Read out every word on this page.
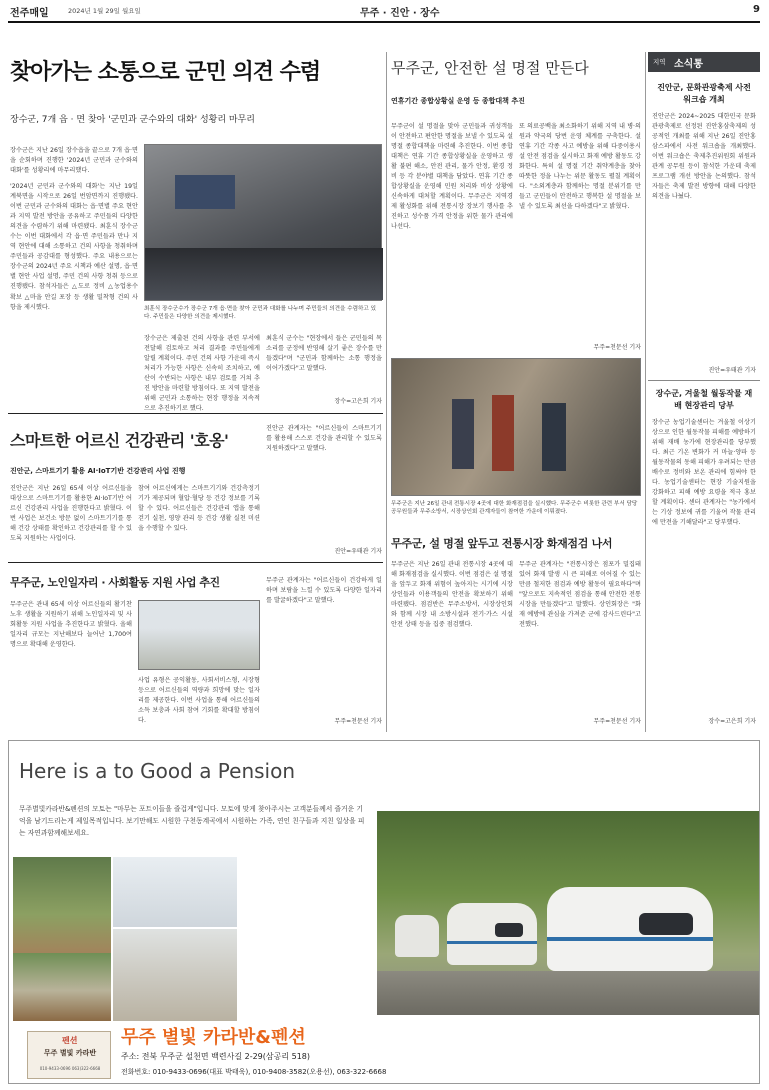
전주매일	2024년 1월 29일 월요일	무주 · 진안 · 장수	9
찾아가는 소통으로 군민 의견 수렴
장수군, 7개 읍 · 면 찾아 '군민과 군수와의 대화' 성황리 마무리
장수군은 지난 26일 장수읍을 끝으로 7개 읍·면을 순회하며 진행한 '2024년 군민과 군수와의 대화'를 성황리에 마무리했다.
'2024년 군민과 군수와의 대화'는 지난 19일 계북면을 시작으로 26일 번암면까지 진행됐다. 이번 군민과 군수와의 대화는 읍·면별 주요 현안과 지역 발전 방안을 공유하고 주민들의 다양한 의견을 수렴하기 위해 마련됐다. 최훈식 장수군수는 이번 대화에서 각 읍·면 주민들과 만나 지역 현안에 대해 소통하고 건의 사항을 청취하며 주민들과 공감대를 형성했다. 주요 내용으로는 장수군의 2024년 주요 시책과 예산 설명, 읍·면별 현안 사업 설명, 주민 건의 사항 청취 등으로 진행됐다. 참석자들은 △도로 정비 △농업용수 확보 △마을 안길 포장 등 생활 밀착형 건의 사항을 제시했다.	최훈식 장수군수가 장수군 7개 읍·면을 찾아 군민과 대화를 나누며 주민들의 의견을 수렴하고 있다. 주민들은 다양한 의견을 제시했다.
장수군은 제출된 건의 사항을 관련 부서에 전달해 검토하고 처리 결과를 주민들에게 알릴 계획이다. 주민 건의 사항 가운데 즉시 처리가 가능한 사항은 신속히 조치하고, 예산이 수반되는 사항은 내부 검토를 거쳐 추진 방안을 마련할 방침이다. 또 지역 발전을 위해 군민과 소통하는 현장 행정을 지속적으로 추진하기로 했다.
최훈식 군수는 "현장에서 들은 군민들의 목소리를 군정에 반영해 살기 좋은 장수를 만들겠다"며 "군민과 함께하는 소통 행정을 이어가겠다"고 말했다.
장수=고은희 기자
스마트한 어르신 건강관리 '호옹'
진안군, 스마트기기 활용 AI·IoT기반 건강관리 사업 진행
진안군은 지난 26일 65세 이상 어르신들을 대상으로 스마트기기를 활용한 AI·IoT기반 어르신 건강관리 사업을 진행한다고 밝혔다. 이번 사업은 보건소 방문 없이 스마트기기를 통해 건강 상태를 확인하고 건강관리를 할 수 있도록 지원하는 사업이다.
참여 어르신에게는 스마트기기와 건강측정기기가 제공되며 혈압·혈당 등 건강 정보를 기록할 수 있다. 어르신들은 건강관리 앱을 통해 걷기 실천, 영양 관리 등 건강 생활 실천 미션을 수행할 수 있다.
진안군 관계자는 "어르신들이 스마트기기를 활용해 스스로 건강을 관리할 수 있도록 지원하겠다"고 말했다.
진안=우태관 기자
무주군, 노인일자리 · 사회활동 지원 사업 추진
무주군은 관내 65세 이상 어르신들의 활기찬 노후 생활을 지원하기 위해 노인일자리 및 사회활동 지원 사업을 추진한다고 밝혔다. 올해 일자리 규모는 지난해보다 늘어난 1,700여 명으로 확대해 운영한다.
사업 유형은 공익활동, 사회서비스형, 시장형 등으로 어르신들의 역량과 희망에 맞는 일자리를 제공한다. 이번 사업을 통해 어르신들의 소득 보충과 사회 참여 기회를 확대할 방침이다.
무주군 관계자는 "어르신들이 건강하게 일하며 보람을 느낄 수 있도록 다양한 일자리를 발굴하겠다"고 말했다.
무주=천문선 기자
무주군, 안전한 설 명절 만든다
연휴기간 종합상황실 운영 등 종합대책 추진
무주군이 설 명절을 맞아 군민들과 귀성객들이 안전하고 편안한 명절을 보낼 수 있도록 설 명절 종합대책을 마련해 추진한다. 이번 종합대책은 연휴 기간 종합상황실을 운영하고 생활 불편 해소, 안전 관리, 물가 안정, 환경 정비 등 각 분야별 대책을 담았다. 연휴 기간 종합상황실을 운영해 민원 처리와 비상 상황에 신속하게 대처할 계획이다. 무주군은 지역경제 활성화를 위해 전통시장 장보기 행사를 추진하고 성수품 가격 안정을 위한 물가 관리에 나선다.
또 의료공백을 최소화하기 위해 지역 내 병·의원과 약국의 당번 운영 체계를 구축한다. 설 연휴 기간 각종 사고 예방을 위해 다중이용시설 안전 점검을 실시하고 화재 예방 활동도 강화한다. 특히 설 명절 기간 취약계층을 찾아 따뜻한 정을 나누는 위문 활동도 펼칠 계획이다. "소외계층과 함께하는 명절 분위기를 만들고 군민들이 안전하고 행복한 설 명절을 보낼 수 있도록 최선을 다하겠다"고 밝혔다.
무주=천문선 기자
무주군은 지난 26일 관내 전통시장 4곳에 대한 화재점검을 실시했다. 무주군수 비롯한 관련 부서 담당 공무원들과 무주소방서, 시장상인회 관계자들이 참여한 가운데 이뤄졌다.
무주군, 설 명절 앞두고 전통시장 화재점검 나서
무주군은 지난 26일 관내 전통시장 4곳에 대해 화재점검을 실시했다. 이번 점검은 설 명절을 앞두고 화재 위험이 높아지는 시기에 시장 상인들과 이용객들의 안전을 확보하기 위해 마련됐다. 점검반은 무주소방서, 시장상인회와 함께 시장 내 소방시설과 전기·가스 시설 안전 상태 등을 집중 점검했다.
무주군 관계자는 "전통시장은 점포가 밀집돼 있어 화재 발생 시 큰 피해로 이어질 수 있는 만큼 철저한 점검과 예방 활동이 필요하다"며 "앞으로도 지속적인 점검을 통해 안전한 전통시장을 만들겠다"고 말했다. 상인회장은 "화재 예방에 관심을 가져준 군에 감사드린다"고 전했다.
무주=천문선 기자
지역 소식통
진안군, 문화관광축제 사전 워크숍 개최
진안군은 2024~2025 대한민국 문화관광축제로 선정된 진안홍삼축제의 성공적인 개최를 위해 지난 26일 진안홍삼스파에서 사전 워크숍을 개최했다. 이번 워크숍은 축제추진위원회 위원과 관계 공무원 등이 참석한 가운데 축제 프로그램 개선 방안을 논의했다. 참석자들은 축제 발전 방향에 대해 다양한 의견을 나눴다.
진안=우태관 기자
장수군, 겨울철 월동작물 재배 현장관리 당부
장수군 농업기술센터는 겨울철 이상기상으로 인한 월동작물 피해를 예방하기 위해 재배 농가에 현장관리를 당부했다. 최근 기온 변화가 커 마늘·양파 등 월동작물의 동해 피해가 우려되는 만큼 배수로 정비와 보온 관리에 힘써야 한다. 농업기술센터는 현장 기술지원을 강화하고 피해 예방 요령을 적극 홍보할 계획이다. 센터 관계자는 "농가에서는 기상 정보에 귀를 기울여 작물 관리에 만전을 기해달라"고 당부했다.
장수=고은희 기자
Here is a to Good a Pension
무주별빛카라반&펜션의 모토는 "마무는 포트이들을 즐겁게"입니다. 모토에 맞게 찾아주시는 고객분들께서 즐거운 기억을 남기드리는게 제일목적입니다. 보기만해도 시원한 구천동계곡에서 시원하는 가족, 연인 친구들과 지친 일상을 피는 자연과함께해보세요.
펜션
무주 별빛 카라반
010-9433-0696 063)322-6668
무주 별빛 카라반&펜션
주소: 전북 무주군 설천면 백련사길 2-29(삼공리 518)
전화번호: 010-9433-0696(대표 박태욱), 010-9408-3582(오용선), 063-322-6668
